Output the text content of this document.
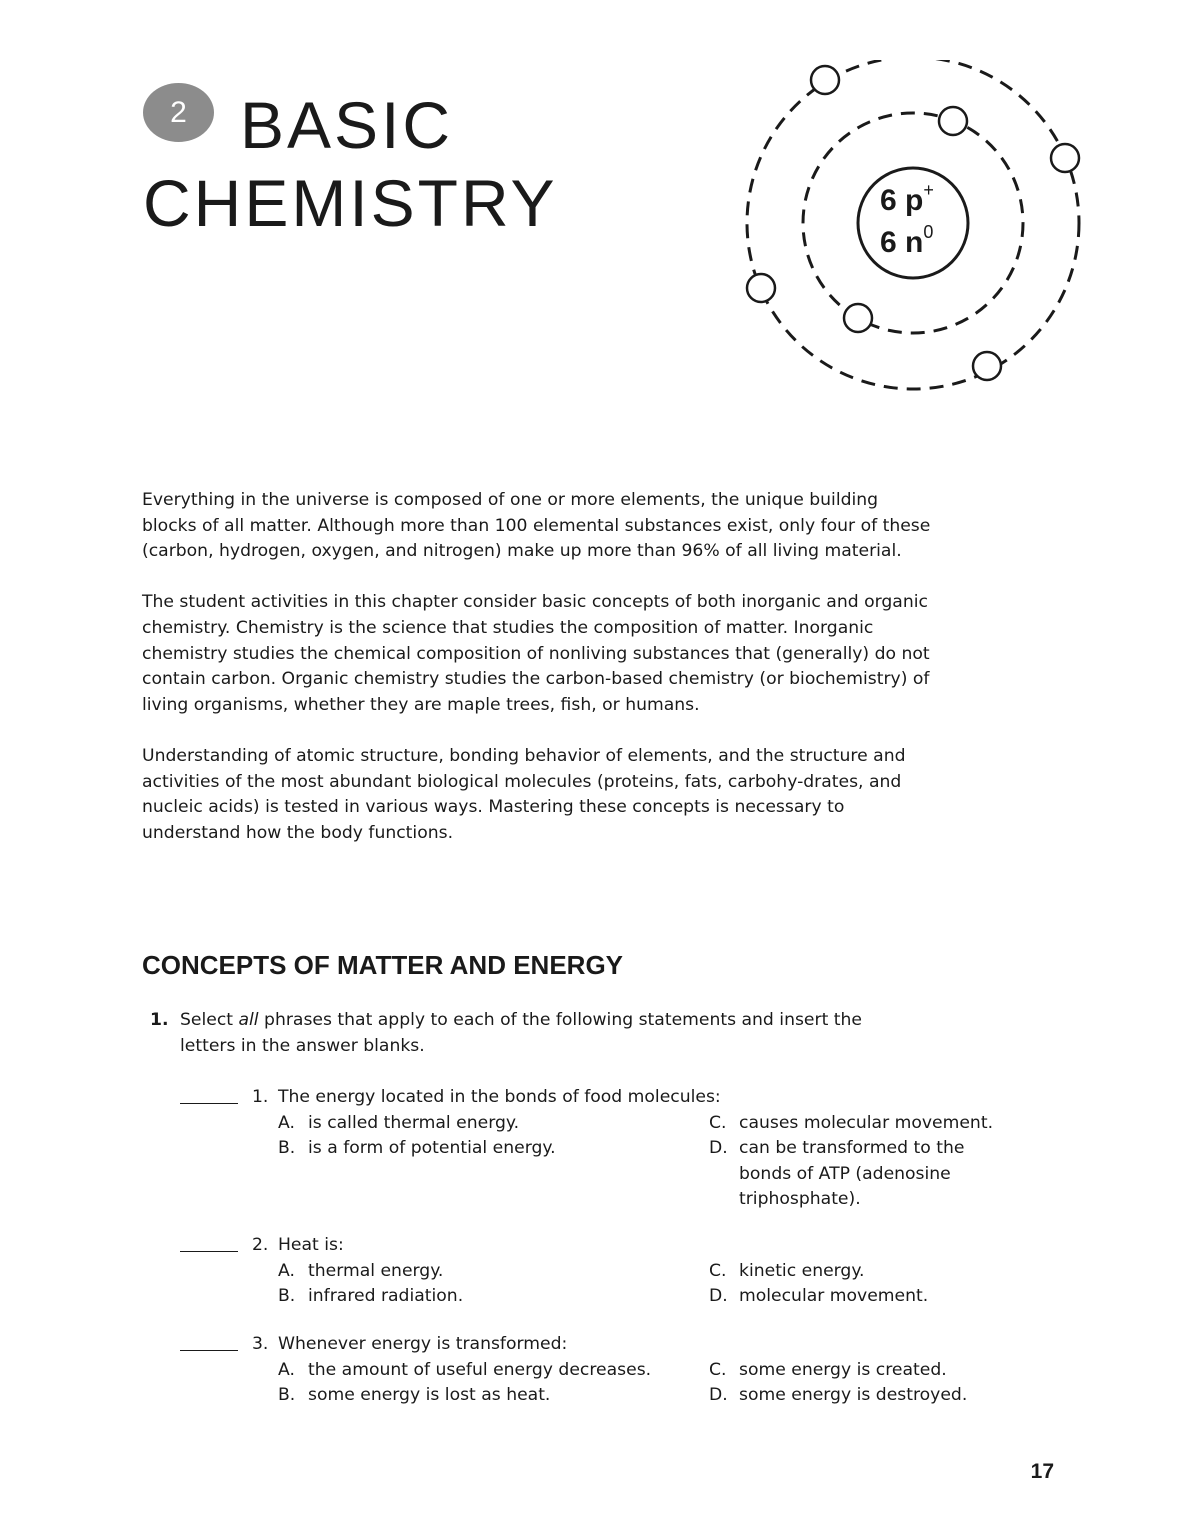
2 BASIC
CHEMISTRY	6 p+
6 $n^0$

Everything in the universe is composed of one or more elements, the unique building blocks of all matter. Although more than 100 elemental substances exist, only four of these (carbon, hydrogen, oxygen, and nitrogen) make up more than 96% of all living material.

The student activities in this chapter consider basic concepts of both inorganic and organic chemistry. Chemistry is the science that studies the composition of matter. Inorganic chemistry studies the chemical composition of nonliving substances that (generally) do not contain carbon. Organic chemistry studies the carbon-based chemistry (or biochemistry) of living organisms, whether they are maple trees, fish, or humans.

Understanding of atomic structure, bonding behavior of elements, and the structure and activities of the most abundant biological molecules (proteins, fats, carbohy-drates, and nucleic acids) is tested in various ways. Mastering these concepts is necessary to understand how the body functions.

CONCEPTS OF MATTER AND ENERGY
1. Select all phrases that apply to each of the following statements and insert the letters in the answer blanks.
1. The energy located in the bonds of food molecules:
A. is called thermal energy.
B. is a form of potential energy.
C. causes molecular movement.
D. can be transformed to the
bonds of ATP (adenosine
triphosphate).
2. Heat is:
A. thermal energy.
B. infrared radiation.
C. kinetic energy.
D. molecular movement.
3. Whenever energy is transformed:
A. the amount of useful energy decreases.
B. some energy is lost as heat.
C. some energy is created.
D. some energy is destroyed.
17
